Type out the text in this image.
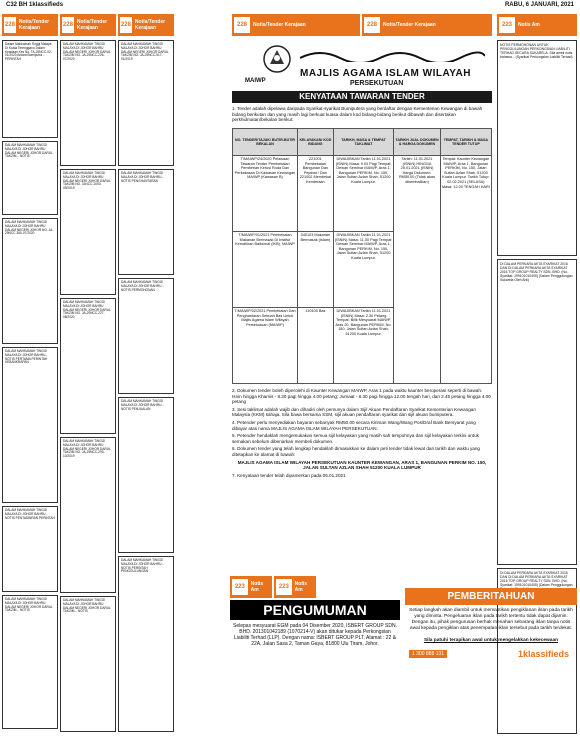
C32 BH 1klassifieds	RABU, 6 JANUARI, 2021
228 Notis/Tender Kerajaan	228 Notis/Tender Kerajaan	228 Notis/Tender Kerajaan	228	Notis/Tender Kerajaan	228	Notis/Tender Kerajaan	223	Notis Am
Dalam Mahkamah Tinggi Malaya Di Kuala Terengganu Dalam Keadaan Kes No. TA-29NCC-02-01/2020 Antara Bumiputra... PERINTAH
DALAM MAHKAMAH TINGGI MALAYA DI JOHOR BAHRU DALAM NEGERI JOHOR DARUL TAKZIM... NOTIS
DALAM MAHKAMAH TINGGI MALAYA DI JOHOR BAHRU DALAM NEGERI JOHOR NO. JA-29NCC-360-07/2020
DALAM MAHKAMAH TINGGI MALAYA DI JOHOR BAHRU... NOTIS PERTAMA PERINTAH KEBANKRAPAN
DALAM MAHKAMAH TINGGI MALAYA DI JOHOR BAHRU... NOTIS PENTADBIRAN PERINTAH
DALAM MAHKAMAH TINGGI MALAYA DI JOHOR BAHRU DALAM NEGERI JOHOR DARUL TAKZIM... NOTIS
DALAM MAHKAMAH TINGGI MALAYA DI JOHOR BAHRU DALAM NEGERI JOHOR DARUL TAKZIM NO. JA-29NCC-226-07/2020
DALAM MAHKAMAH TINGGI MALAYA DI JOHOR BAHRU DALAM NEGERI JOHOR DARUL TAKZIM NO. 31NCC-1000-09/2019
DALAM MAHKAMAH TINGGI MALAYA DI JOHOR BAHRU DALAM NEGERI JOHOR DARUL TAKZIM NO. JA-29NCC-227-08/2020
DALAM MAHKAMAH TINGGI MALAYA DI JOHOR BAHRU DALAM NEGERI JOHOR DARUL TAKZIM NO. JA-29NCC-293-10/2019
DALAM MAHKAMAH TINGGI MALAYA DI JOHOR BAHRU DALAM NEGERI JOHOR DARUL TAKZIM... NOTIS
DALAM MAHKAMAH TINGGI MALAYA DI JOHOR BAHRU DALAM NEGERI JOHOR DARUL TAKZIM NO. JA-29NCC-517-01/2019
DALAM MAHKAMAH TINGGI MALAYA DI JOHOR BAHRU... NOTIS PENGHANTARAN
DALAM MAHKAMAH TINGGI MALAYA DI JOHOR BAHRU... NOTIS PERMOHONAN
DALAM MAHKAMAH TINGGI MALAYA DI JOHOR BAHRU... NOTIS PENJUALAN
DALAM MAHKAMAH TINGGI MALAYA DI JOHOR BAHRU... NOTIS PERINTAH PENGGULUNGAN
MAIWP
MAJLIS AGAMA ISLAM WILAYAH
PERSEKUTUAN
KENYATAAN TAWARAN TENDER
1. Tender adalah dipelawa daripada Syarikat-syarikat Bumiputera yang berdaftar dengan Kementerian Kewangan di bawah bidang berikutan dan yang masih lagi berkuat kuasa dalam kod bidang-bidang berikut dibawah dan disertakan perkhidmatan/bekalan berikut:
NO. TENDER/TAJUK/ BUTIR-BUTIR BEKALAN	KELAYAKAN/ KOD BIDANG	TARIKH, MASA & TEMPAT TAKLIMAT	TARIKH JUAL DOKUMEN & HARGA DOKUMEN	TEMPAT, TARIKH & MASA TENDER TUTUP
T/MAIWP/24/2020 Pelawaan Tawaran Tender Pembekalan Pemberian Kerusi Roda Dan Perkakasan Di Kawasan Kewangan MAIWP (Kawasan B)	221001 Pembekalan Bangunan Dan Pejabat / Dan 221002 Membekal Kenderaan	DIWAJIBKAN Tarikh 11.01.2021 (ISNIN) Masa: 9.00 Pagi Tempat: Dewan Seminar MAIWP, Aras 1, Bangunan PERKIM, No. 150, Jalan Sultan Azlan Shah, 51200 Kuala Lumpur.	Tarikh: 11.01.2021 (ISNIN) HINGGA 25.01.2021 (ISNIN) Harga Dokumen: RM50.00 (Tidak akan dikembalikan)	Tempat: Kaunter Kewangan MAIWP, Aras 1, Bangunan PERKIM, No. 150, Jalan Sultan Azlan Shah, 51200 Kuala Lumpur. Tarikh Tutup: 02.02.2021 (SELASA) Masa: 12.00 TENGAH HARI
T/MAIWP/01/2021 Pembekalan Makanan Bermasak Di Institut Kemahiran Baitulmal (IKB), MAIWP	040103 Makanan Bermasak (Islam)	DIWAJIBKAN Tarikh 11.01.2021 (ISNIN) Masa: 11.00 Pagi Tempat: Dewan Seminar MAIWP, Aras 1, Bangunan PERKIM, No. 150, Jalan Sultan Azlan Shah, 51200 Kuala Lumpur.		
T/MAIWP/02/2021 Pembekalan Dan Penghantaran Sebuah Bas Untuk Majlis Agama Islam Wilayah Persekutuan (MAIWP)	110105 Bas	DIWAJIBKAN Tarikh 11.01.2021 (ISNIN) Masa: 2.30 Petang Tempat: Bilik Mesyuarat MAIWP, Aras 20, Bangunan PERKIM, No. 150, Jalan Sultan Azlan Shah, 51200 Kuala Lumpur.		

2. Dokumen tender boleh diperolehi di Kaunter Kewangan MAIWP, Aras 1 pada waktu kaunter beroperasi seperti di bawah: Isnin hingga Khamis - 8.30 pagi hingga 4.00 petang; Jumaat - 8.30 pagi hingga 12.00 tengah hari, dan 2.45 petang hingga 4.00 petang

3. Sesi taklimat adalah wajib dan dihadiri oleh pemunya dalam Sijil Akuan Pendaftaran Syarikat Kementerian Kewangan Malaysia (KKM) sahaja. Sila bawa bersama SSM, sijil akuan pendaftaran syarikat dan sijil akuan bumiputera.

4. Petender perlu menyediakan bayaran sebanyak RM50.00 secara Kiriman Wang/Wang Pos/Draf Bank Bersyarat yang dibayar atas nama MAJLIS AGAMA ISLAM WILAYAH PERSEKUTUAN.

5. Petender hendaklah mengemukakan semua sijil kelayakan yang masih sah tempohnya dan sijil kelayakan terkini untuk semakan sebelum dibenarkan membeli dokumen.

6. Dokumen tender yang telah lengkap hendaklah dimasukkan ke dalam peti tender tidak lewat dari tarikh dan waktu yang ditetapkan ke alamat di bawah:

MAJLIS AGAMA ISLAM WILAYAH PERSEKUTUAN KAUNTER KEWANGAN, ARAS 1, BANGUNAN PERKIM NO. 150, JALAN SULTAN AZLAN SHAH 51200 KUALA LUMPUR

7. Kenyataan tender telah dipamerkan pada 06.01.2021

NOTIS PERMOHONAN UNTUK PENGGULUNGAN PERKONGSIAN LIABILITI TERHAD SECARA SUKARELA. Sila ambil notis bahawa... (Syarikat Perkongsian Liabiliti Terhad)
DI DALAM PERKARA AKTA SYARIKAT 2016 DAN DI DALAM PERKARA AKTA SYARIKAT 2016 TOP GROUP REALTY SDN. BHD. (No. Syarikat: 199101010405) (Dalam Penggulungan Sukarela Oleh Ahli)
DI DALAM PERKARA AKTA SYARIKAT 2016 DAN DI DALAM PERKARA AKTA SYARIKAT 2016 TOP GROUP REALTY SDN. BHD. (No. Syarikat: 199101010405) (Dalam Penggulungan
223	Notis Am	223	Notis Am
PENGUMUMAN
Selepas mesyuarat EGM pada 04 Disember 2020, ISBERT GROUP SDN. BHD. 201301042189 (1070214-V) akan ditukar kepada Perkongsian Liabiliti Terhad (LLP). Dengan nama: ISBERT GROUP PLT. Alamat : 22 & 22A, Jalan Sasa 2, Taman Gaya, 81800 Ulu Tiram, Johor.
PEMBERITAHUAN
Setiap langkah akan diambil untuk memastikan pengiklanan iklan pada tarikh yang diminta. Pengeluaran iklan pada tarikh tertentu tidak dapat dijamin. Dengan itu, pihak pengurusan berhak menahan sebarang iklan tanpa notis awal kepada pengiklan atas penempatan iklan tersebut pada tarikh terdekat.
Sila patuhi terapikan awal untuk mengelakkan kekecewaan
1 300 888 131	1klassifieds
